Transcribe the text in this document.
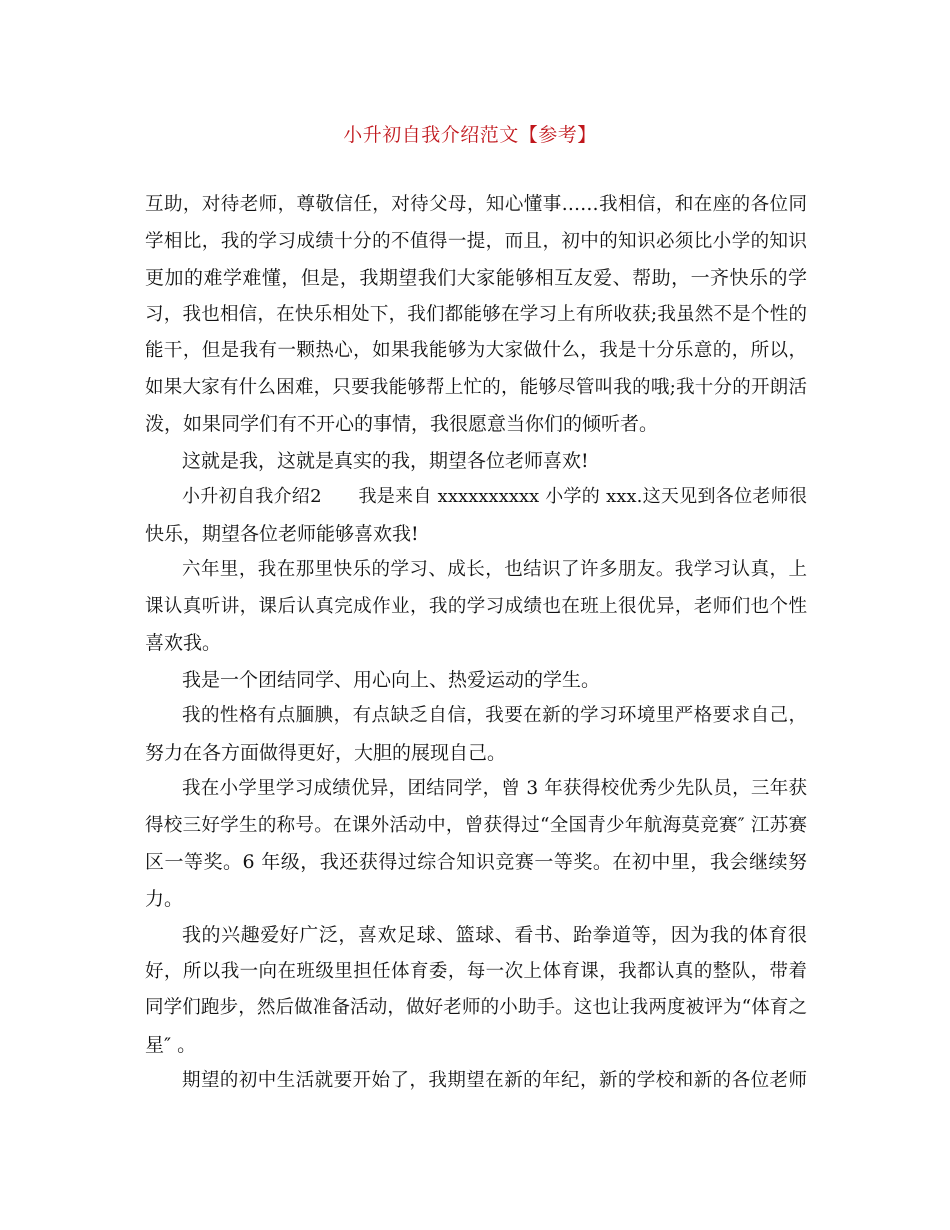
小升初自我介绍范文【参考】
互助，对待老师，尊敬信任，对待父母，知心懂事……我相信，和在座的各位同
学相比，我的学习成绩十分的不值得一提，而且，初中的知识必须比小学的知识
更加的难学难懂，但是，我期望我们大家能够相互友爱、帮助，一齐快乐的学
习，我也相信，在快乐相处下，我们都能够在学习上有所收获;我虽然不是个性的
能干，但是我有一颗热心，如果我能够为大家做什么，我是十分乐意的，所以，
如果大家有什么困难，只要我能够帮上忙的，能够尽管叫我的哦;我十分的开朗活
泼，如果同学们有不开心的事情，我很愿意当你们的倾听者。
这就是我，这就是真实的我，期望各位老师喜欢!
小升初自我介绍2　　我是来自 xxxxxxxxxx 小学的 xxx.这天见到各位老师很
快乐，期望各位老师能够喜欢我!
六年里，我在那里快乐的学习、成长，也结识了许多朋友。我学习认真，上
课认真听讲，课后认真完成作业，我的学习成绩也在班上很优异，老师们也个性
喜欢我。
我是一个团结同学、用心向上、热爱运动的学生。
我的性格有点腼腆，有点缺乏自信，我要在新的学习环境里严格要求自己，
努力在各方面做得更好，大胆的展现自己。
我在小学里学习成绩优异，团结同学，曾 3 年获得校优秀少先队员，三年获
得校三好学生的称号。在课外活动中，曾获得过“全国青少年航海莫竞赛″ 江苏赛
区一等奖。6 年级，我还获得过综合知识竞赛一等奖。在初中里，我会继续努
力。
我的兴趣爱好广泛，喜欢足球、篮球、看书、跆拳道等，因为我的体育很
好，所以我一向在班级里担任体育委，每一次上体育课，我都认真的整队，带着
同学们跑步，然后做准备活动，做好老师的小助手。这也让我两度被评为“体育之
星″ 。
期望的初中生活就要开始了，我期望在新的年纪，新的学校和新的各位老师
